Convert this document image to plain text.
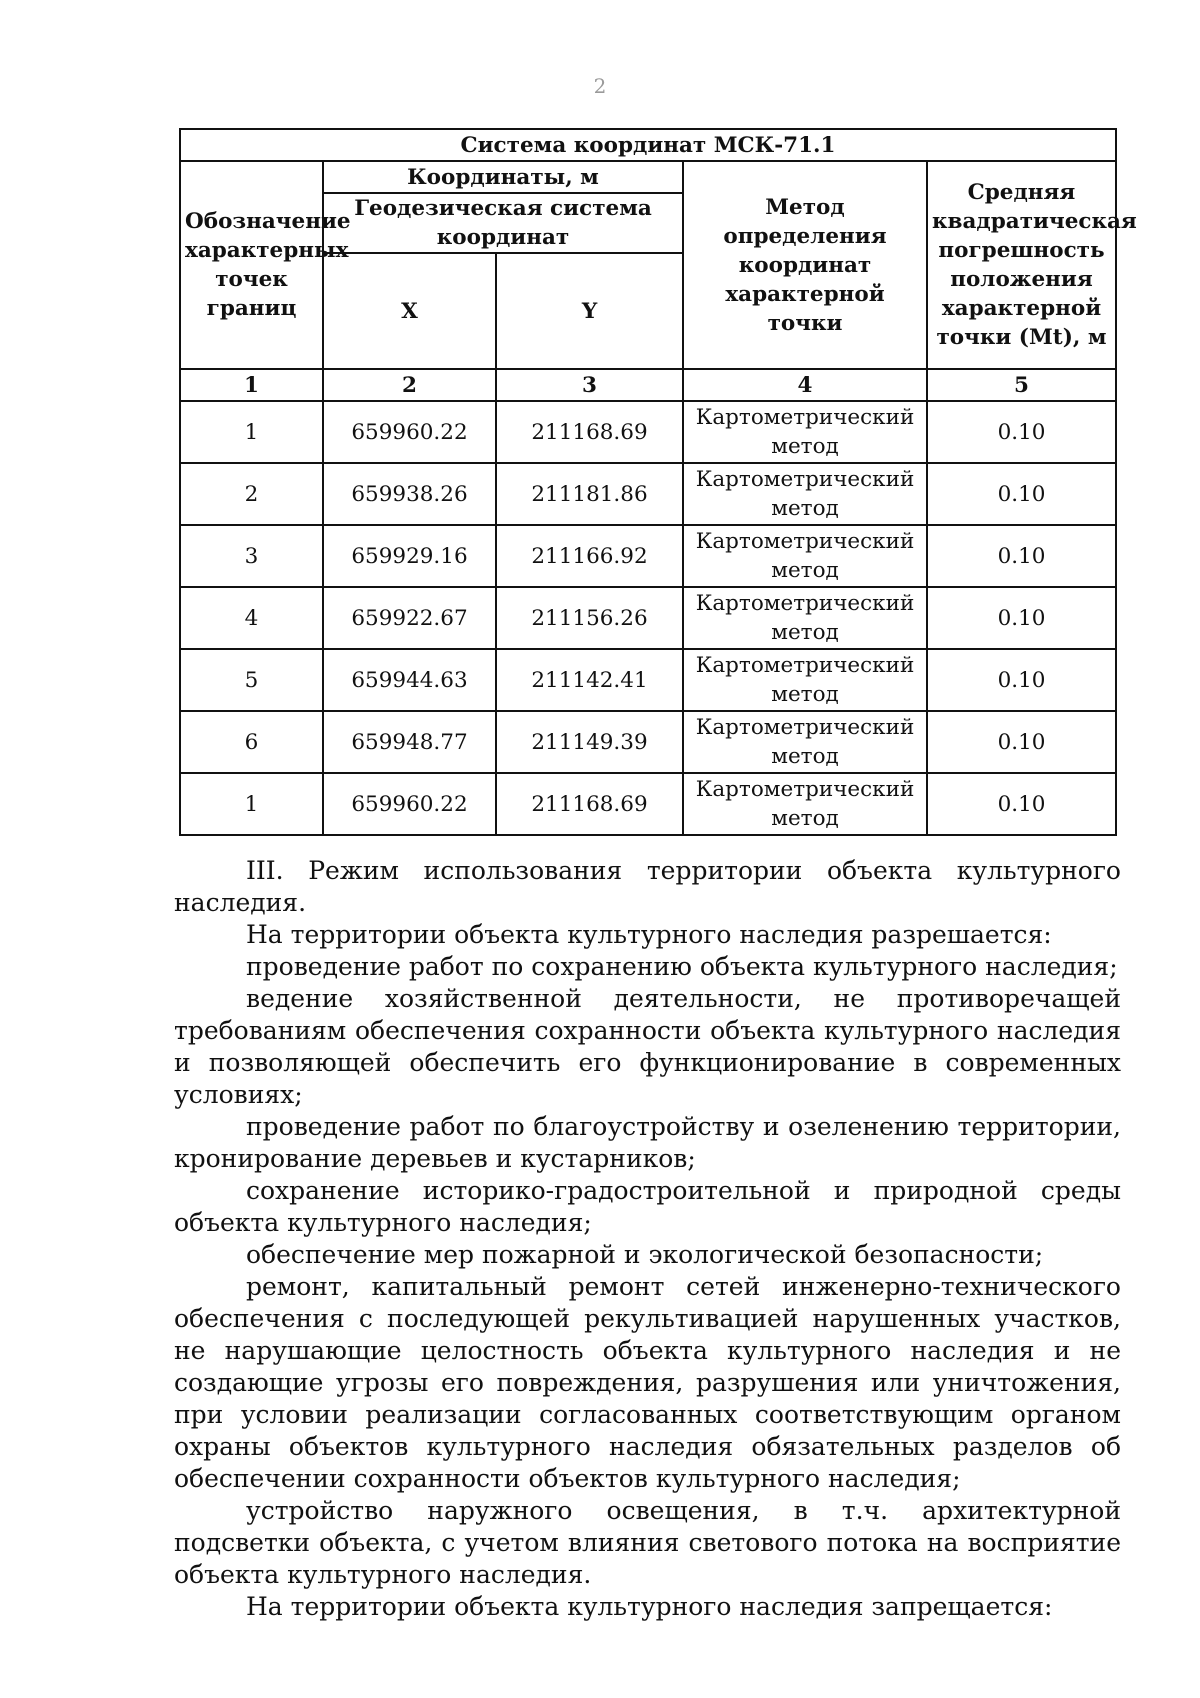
2
Система координат МСК-71.1				
Обозначение характерных точек границ	Координаты, м		Метод определения координат характерной точки	Средняя квадратическая погрешность положения характерной точки (Mt), м
	Геодезическая система координат			
	X	Y		
1	2	3	4	5
1	659960.22	211168.69	Картометрический метод	0.10
2	659938.26	211181.86	Картометрический метод	0.10
3	659929.16	211166.92	Картометрический метод	0.10
4	659922.67	211156.26	Картометрический метод	0.10
5	659944.63	211142.41	Картометрический метод	0.10
6	659948.77	211149.39	Картометрический метод	0.10
1	659960.22	211168.69	Картометрический метод	0.10

III. Режим использования территории объекта культурного наследия.

На территории объекта культурного наследия разрешается:

проведение работ по сохранению объекта культурного наследия;

ведение хозяйственной деятельности, не противоречащей требованиям обеспечения сохранности объекта культурного наследия и позволяющей обеспечить его функционирование в современных условиях;

проведение работ по благоустройству и озеленению территории, кронирование деревьев и кустарников;

сохранение историко-градостроительной и природной среды объекта культурного наследия;

обеспечение мер пожарной и экологической безопасности;

ремонт, капитальный ремонт сетей инженерно-технического обеспечения с последующей рекультивацией нарушенных участков, не нарушающие целостность объекта культурного наследия и не создающие угрозы его повреждения, разрушения или уничтожения, при условии реализации согласованных соответствующим органом охраны объектов культурного наследия обязательных разделов об обеспечении сохранности объектов культурного наследия;

устройство наружного освещения, в т.ч. архитектурной подсветки объекта, с учетом влияния светового потока на восприятие объекта культурного наследия.

На территории объекта культурного наследия запрещается:
